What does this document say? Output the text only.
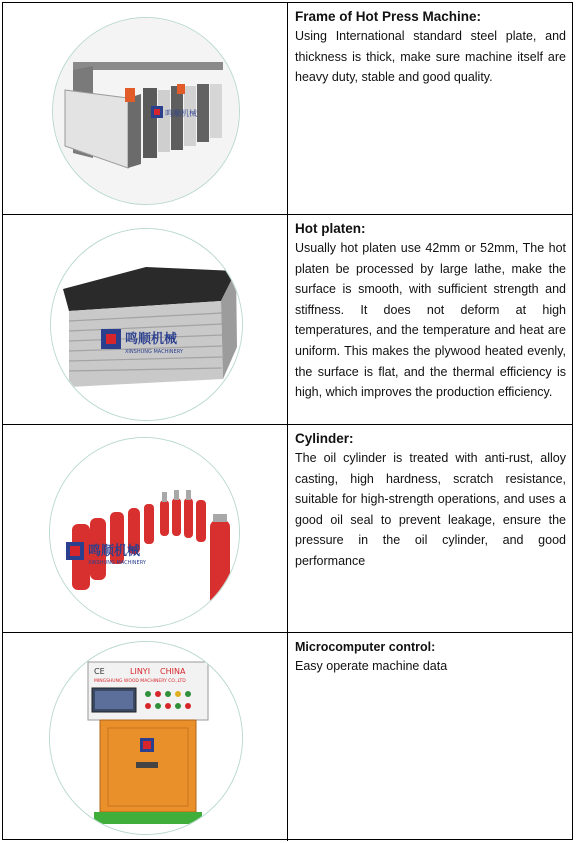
鸣顺机械

Frame of Hot Press Machine:

Using International standard steel plate, and thickness is thick, make sure machine itself are heavy duty, stable and good quality.

鸣顺机械
XINSHUNG MACHINERY

Hot platen:

Usually hot platen use 42mm or 52mm, The hot platen be processed by large lathe, make the surface is smooth, with sufficient strength and stiffness. It does not deform at high temperatures, and the temperature and heat are uniform. This makes the plywood heated evenly, the surface is flat, and the thermal efficiency is high, which improves the production efficiency.

鸣顺机械
XINSHUNG MACHINERY

Cylinder:

The oil cylinder is treated with anti-rust, alloy casting, high hardness, scratch resistance, suitable for high-strength operations, and uses a good oil seal to prevent leakage, ensure the pressure in the oil cylinder, and good performance

CE	LINYI CHINA
MINGSHUNG WOOD MACHINERY CO.,LTD

Microcomputer control:

Easy operate machine data
